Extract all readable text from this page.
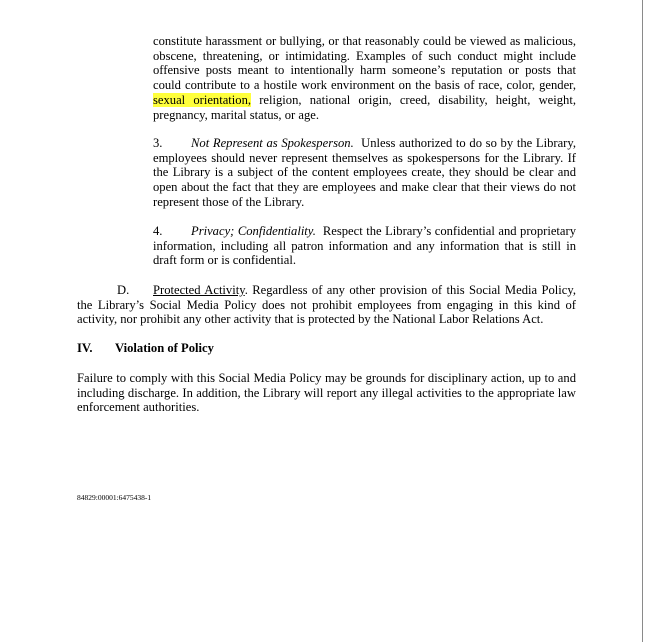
constitute harassment or bullying, or that reasonably could be viewed as malicious, obscene, threatening, or intimidating. Examples of such conduct might include offensive posts meant to intentionally harm someone’s reputation or posts that could contribute to a hostile work environment on the basis of race, color, gender, sexual orientation, religion, national origin, creed, disability, height, weight, pregnancy, marital status, or age.

3. Not Represent as Spokesperson. Unless authorized to do so by the Library, employees should never represent themselves as spokespersons for the Library. If the Library is a subject of the content employees create, they should be clear and open about the fact that they are employees and make clear that their views do not represent those of the Library.

4. Privacy; Confidentiality. Respect the Library’s confidential and proprietary information, including all patron information and any information that is still in draft form or is confidential.

D. Protected Activity. Regardless of any other provision of this Social Media Policy, the Library’s Social Media Policy does not prohibit employees from engaging in this kind of activity, nor prohibit any other activity that is protected by the National Labor Relations Act.

IV. Violation of Policy

Failure to comply with this Social Media Policy may be grounds for disciplinary action, up to and including discharge. In addition, the Library will report any illegal activities to the appropriate law enforcement authorities.

84829:00001:6475438-1
